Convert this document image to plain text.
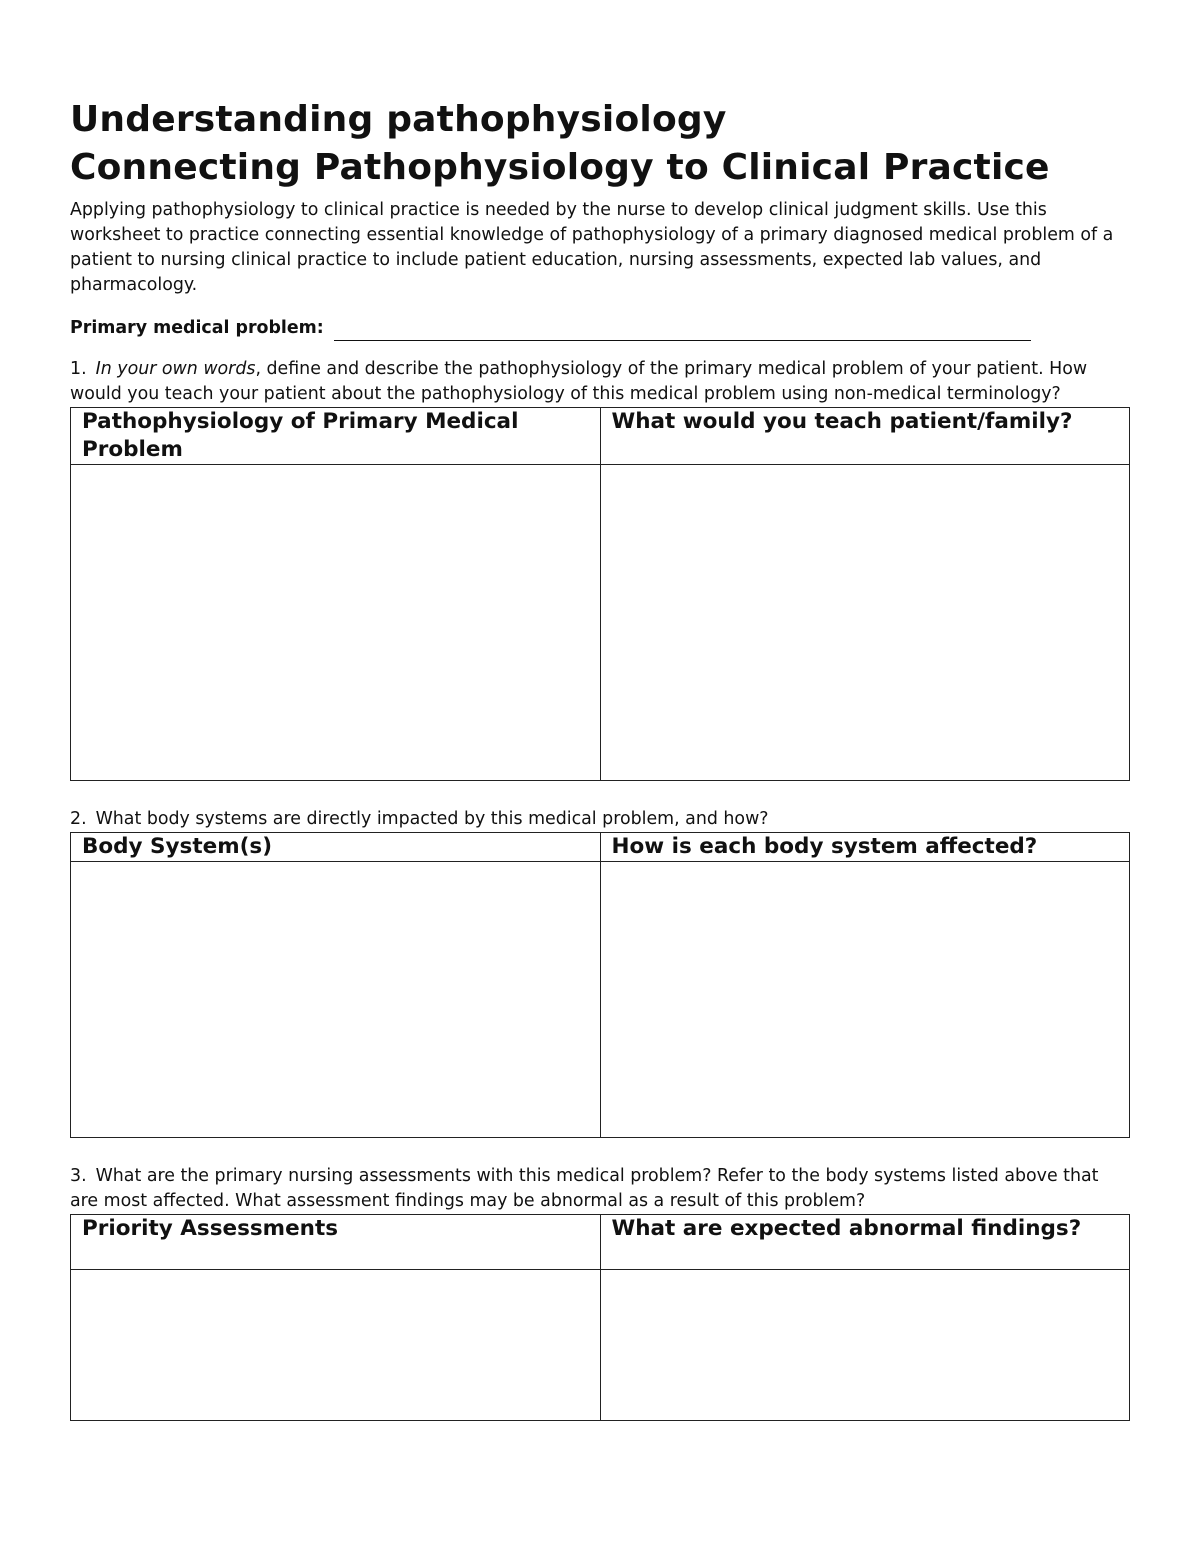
Understanding pathophysiology
Connecting Pathophysiology to Clinical Practice

Applying pathophysiology to clinical practice is needed by the nurse to develop clinical judgment skills. Use this worksheet to practice connecting essential knowledge of pathophysiology of a primary diagnosed medical problem of a patient to nursing clinical practice to include patient education, nursing assessments, expected lab values, and pharmacology.

Primary medical problem:

1. In your own words, define and describe the pathophysiology of the primary medical problem of your patient. How would you teach your patient about the pathophysiology of this medical problem using non-medical terminology?

Pathophysiology of Primary Medical Problem	What would you teach patient/family?

2. What body systems are directly impacted by this medical problem, and how?

Body System(s)	How is each body system affected?

3. What are the primary nursing assessments with this medical problem? Refer to the body systems listed above that are most affected. What assessment findings may be abnormal as a result of this problem?

Priority Assessments	What are expected abnormal findings?
